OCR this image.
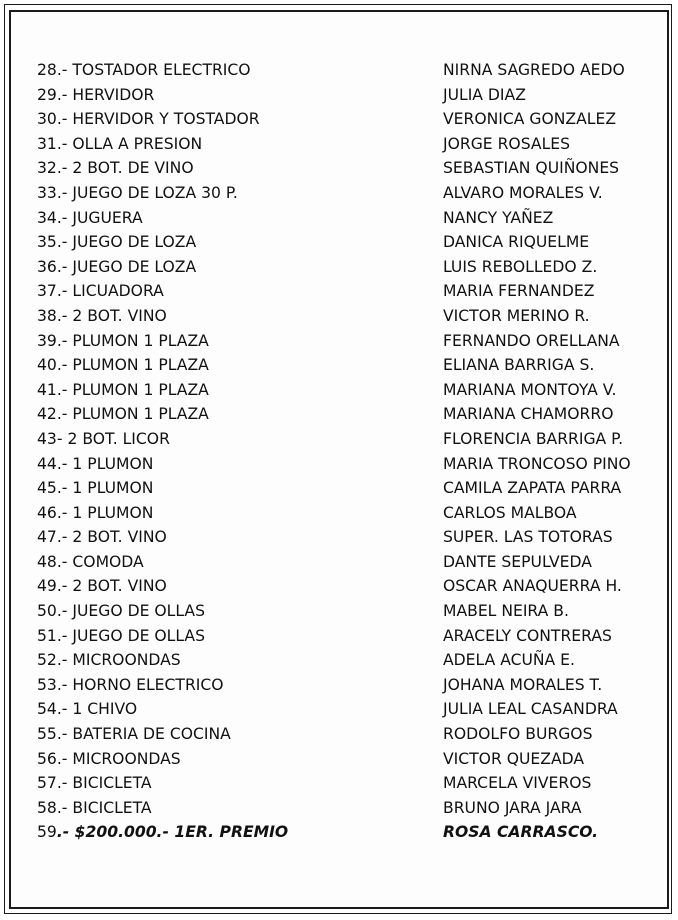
28.- TOSTADOR ELECTRICO	NIRNA SAGREDO AEDO
29.- HERVIDOR	JULIA DIAZ
30.- HERVIDOR Y TOSTADOR	VERONICA GONZALEZ
31.- OLLA A PRESION	JORGE ROSALES
32.- 2 BOT. DE VINO	SEBASTIAN QUIÑONES
33.- JUEGO DE LOZA 30 P.	ALVARO MORALES V.
34.- JUGUERA	NANCY YAÑEZ
35.- JUEGO DE LOZA	DANICA RIQUELME
36.- JUEGO DE LOZA	LUIS REBOLLEDO Z.
37.- LICUADORA	MARIA FERNANDEZ
38.- 2 BOT. VINO	VICTOR MERINO R.
39.- PLUMON 1 PLAZA	FERNANDO ORELLANA
40.- PLUMON 1 PLAZA	ELIANA BARRIGA S.
41.- PLUMON 1 PLAZA	MARIANA MONTOYA V.
42.- PLUMON 1 PLAZA	MARIANA CHAMORRO
43- 2 BOT. LICOR	FLORENCIA BARRIGA P.
44.- 1 PLUMON	MARIA TRONCOSO PINO
45.- 1 PLUMON	CAMILA ZAPATA PARRA
46.- 1 PLUMON	CARLOS MALBOA
47.- 2 BOT. VINO	SUPER. LAS TOTORAS
48.- COMODA	DANTE SEPULVEDA
49.- 2 BOT. VINO	OSCAR ANAQUERRA H.
50.- JUEGO DE OLLAS	MABEL NEIRA B.
51.- JUEGO DE OLLAS	ARACELY CONTRERAS
52.- MICROONDAS	ADELA ACUÑA E.
53.- HORNO ELECTRICO	JOHANA MORALES T.
54.- 1 CHIVO	JULIA LEAL CASANDRA
55.- BATERIA DE COCINA	RODOLFO BURGOS
56.- MICROONDAS	VICTOR QUEZADA
57.- BICICLETA	MARCELA VIVEROS
58.- BICICLETA	BRUNO JARA JARA
59.- $200.000.- 1ER. PREMIO	ROSA CARRASCO.
